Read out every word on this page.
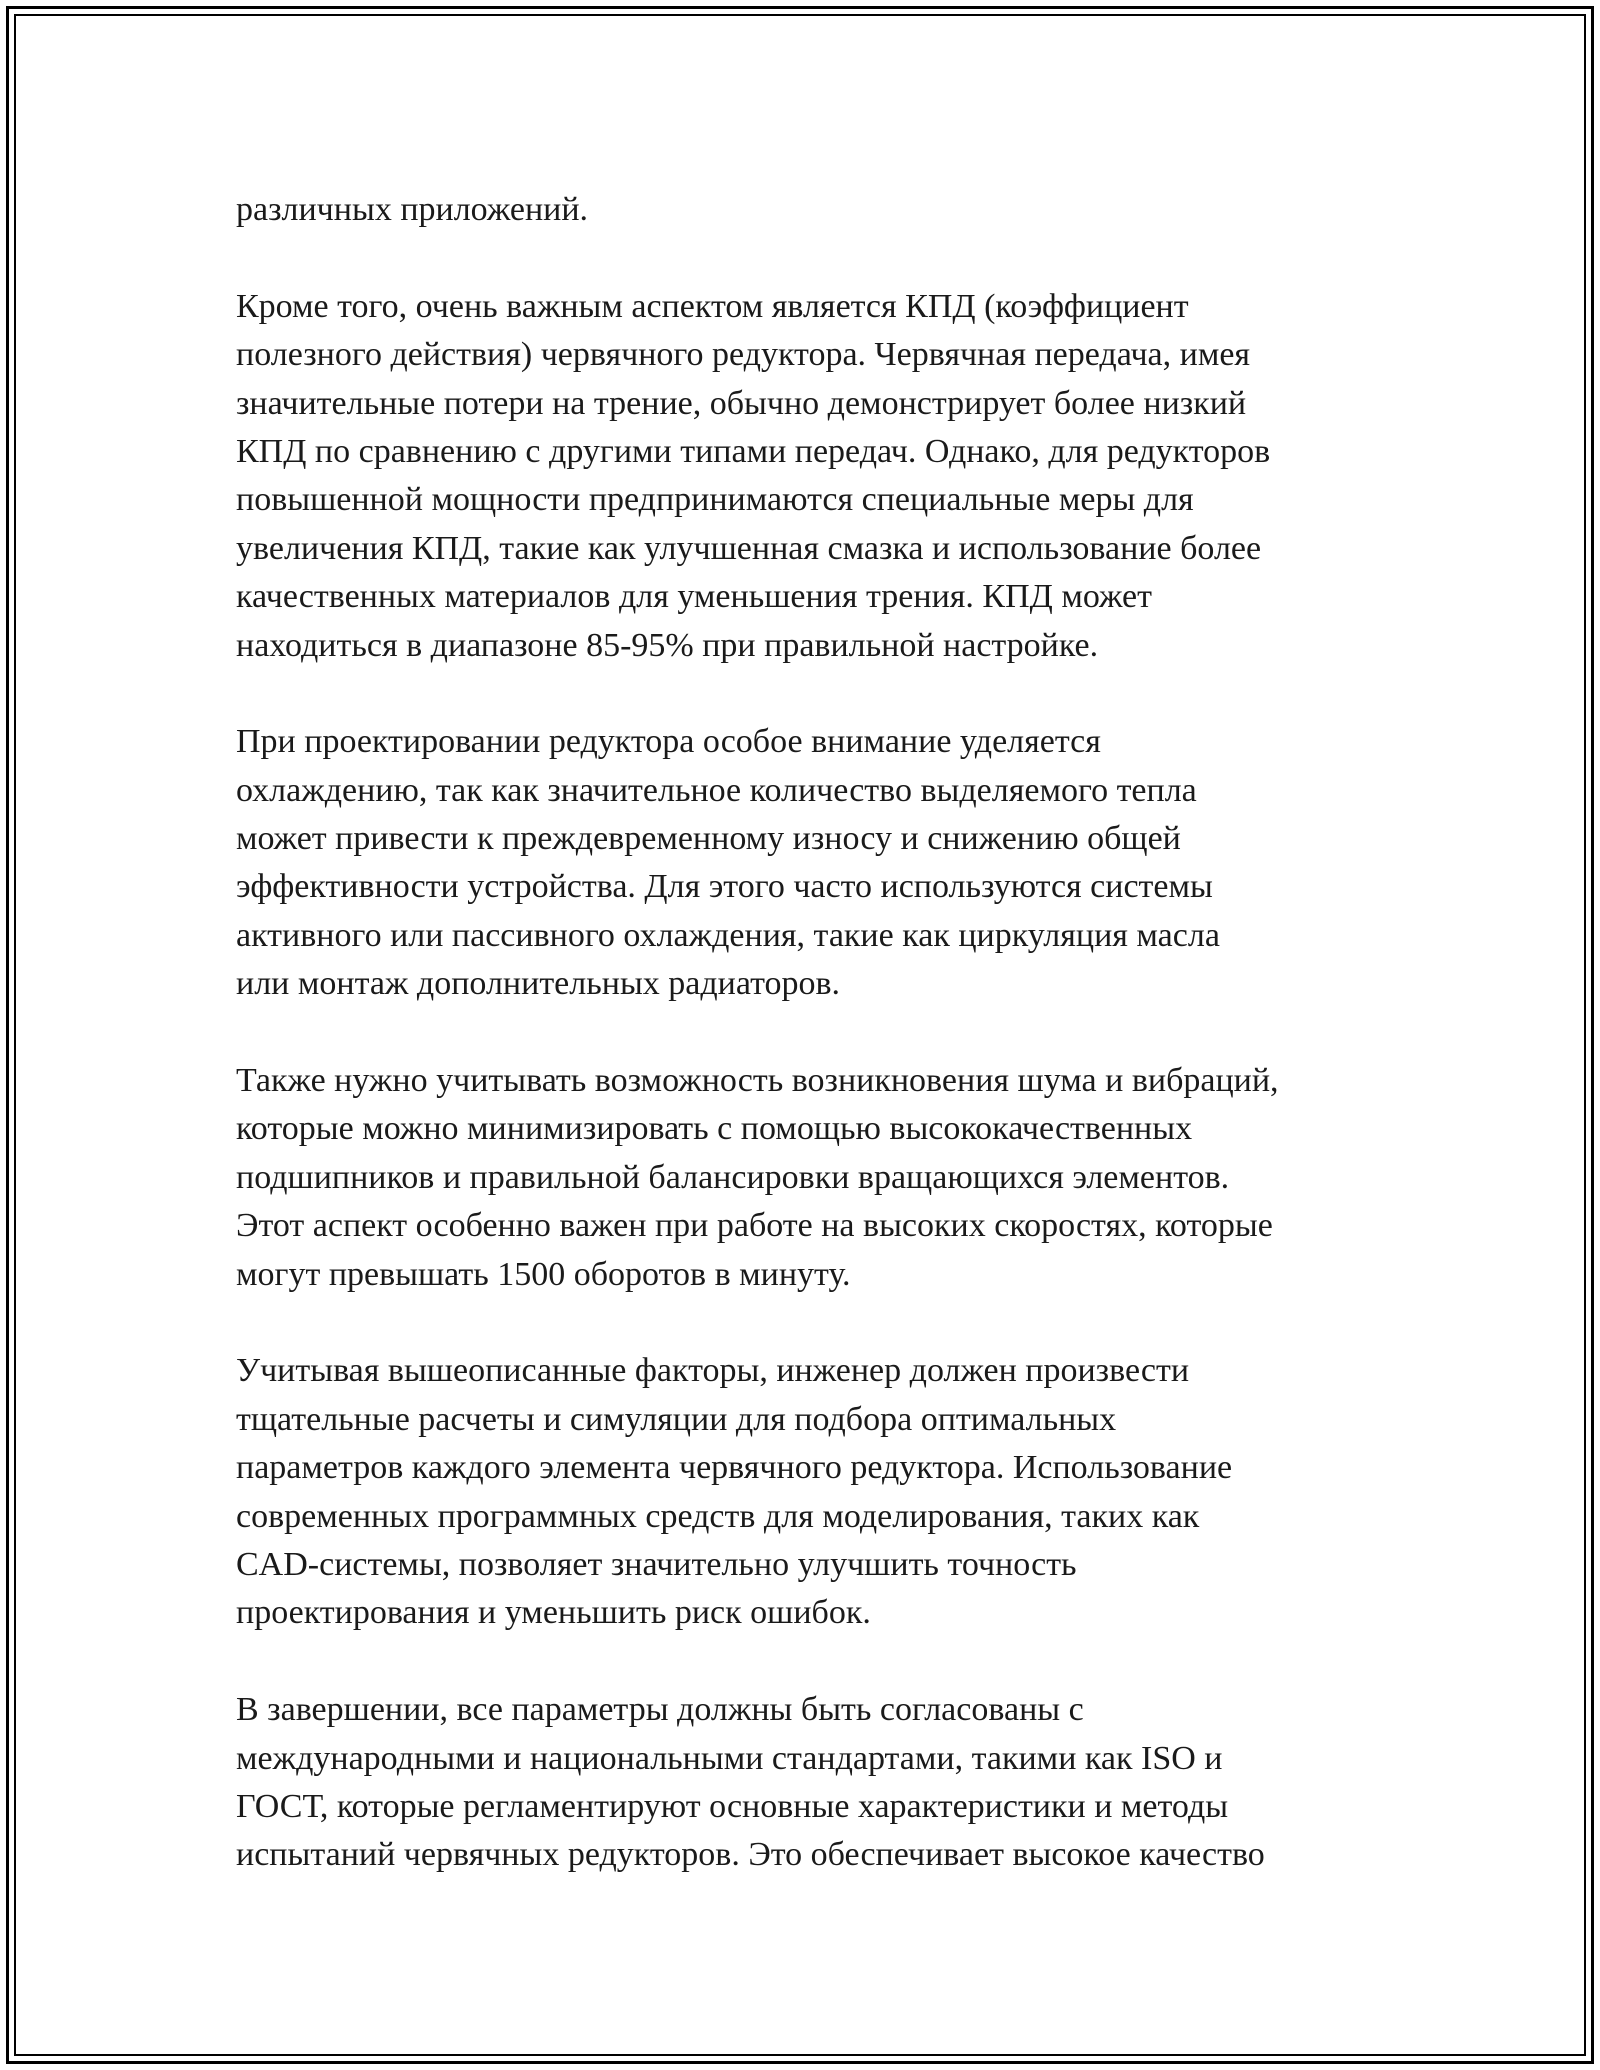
различных приложений.
Кроме того, очень важным аспектом является КПД (коэффициент
полезного действия) червячного редуктора. Червячная передача, имея
значительные потери на трение, обычно демонстрирует более низкий
КПД по сравнению с другими типами передач. Однако, для редукторов
повышенной мощности предпринимаются специальные меры для
увеличения КПД, такие как улучшенная смазка и использование более
качественных материалов для уменьшения трения. КПД может
находиться в диапазоне 85-95% при правильной настройке.
При проектировании редуктора особое внимание уделяется
охлаждению, так как значительное количество выделяемого тепла
может привести к преждевременному износу и снижению общей
эффективности устройства. Для этого часто используются системы
активного или пассивного охлаждения, такие как циркуляция масла
или монтаж дополнительных радиаторов.
Также нужно учитывать возможность возникновения шума и вибраций,
которые можно минимизировать с помощью высококачественных
подшипников и правильной балансировки вращающихся элементов.
Этот аспект особенно важен при работе на высоких скоростях, которые
могут превышать 1500 оборотов в минуту.
Учитывая вышеописанные факторы, инженер должен произвести
тщательные расчеты и симуляции для подбора оптимальных
параметров каждого элемента червячного редуктора. Использование
современных программных средств для моделирования, таких как
CAD-системы, позволяет значительно улучшить точность
проектирования и уменьшить риск ошибок.
В завершении, все параметры должны быть согласованы с
международными и национальными стандартами, такими как ISO и
ГОСТ, которые регламентируют основные характеристики и методы
испытаний червячных редукторов. Это обеспечивает высокое качество
